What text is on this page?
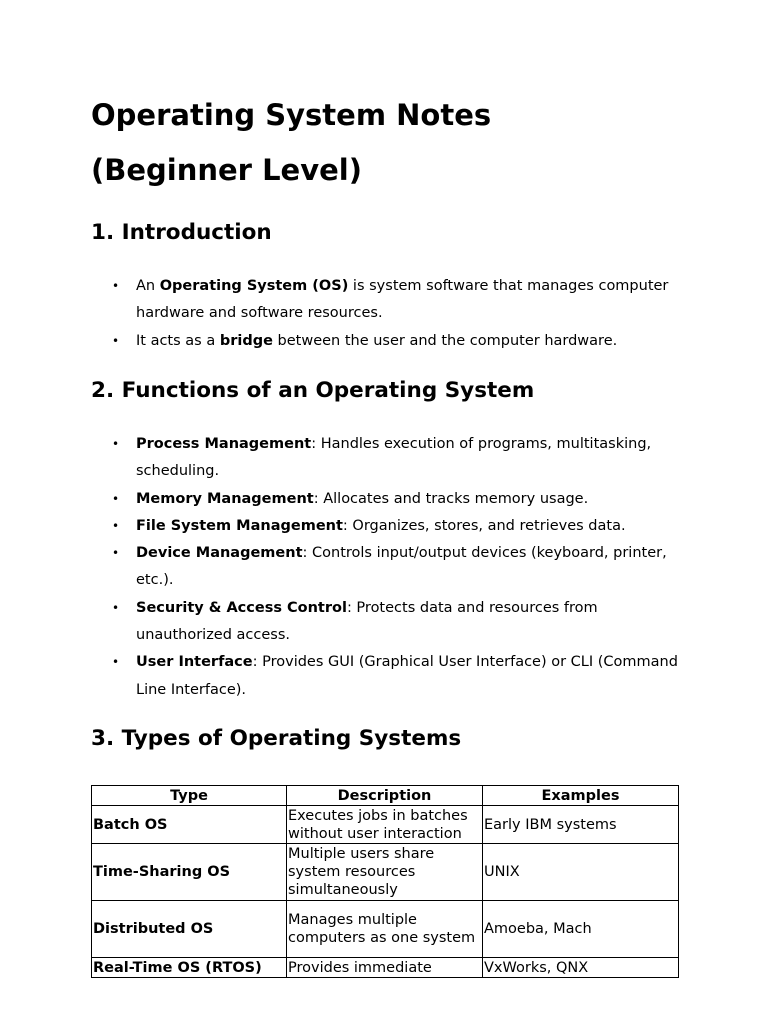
Operating System Notes (Beginner Level)
1. Introduction
• An Operating System (OS) is system software that manages computer hardware and software resources.
• It acts as a bridge between the user and the computer hardware.
2. Functions of an Operating System
• Process Management: Handles execution of programs, multitasking, scheduling.
• Memory Management: Allocates and tracks memory usage.
• File System Management: Organizes, stores, and retrieves data.
• Device Management: Controls input/output devices (keyboard, printer, etc.).
• Security & Access Control: Protects data and resources from unauthorized access.
• User Interface: Provides GUI (Graphical User Interface) or CLI (Command Line Interface).
3. Types of Operating Systems
Type	Description	Examples
Batch OS	Executes jobs in batches without user interaction	Early IBM systems
Time-Sharing OS	Multiple users share system resources simultaneously	UNIX
Distributed OS	Manages multiple computers as one system	Amoeba, Mach
Real-Time OS (RTOS)	Provides immediate	VxWorks, QNX
